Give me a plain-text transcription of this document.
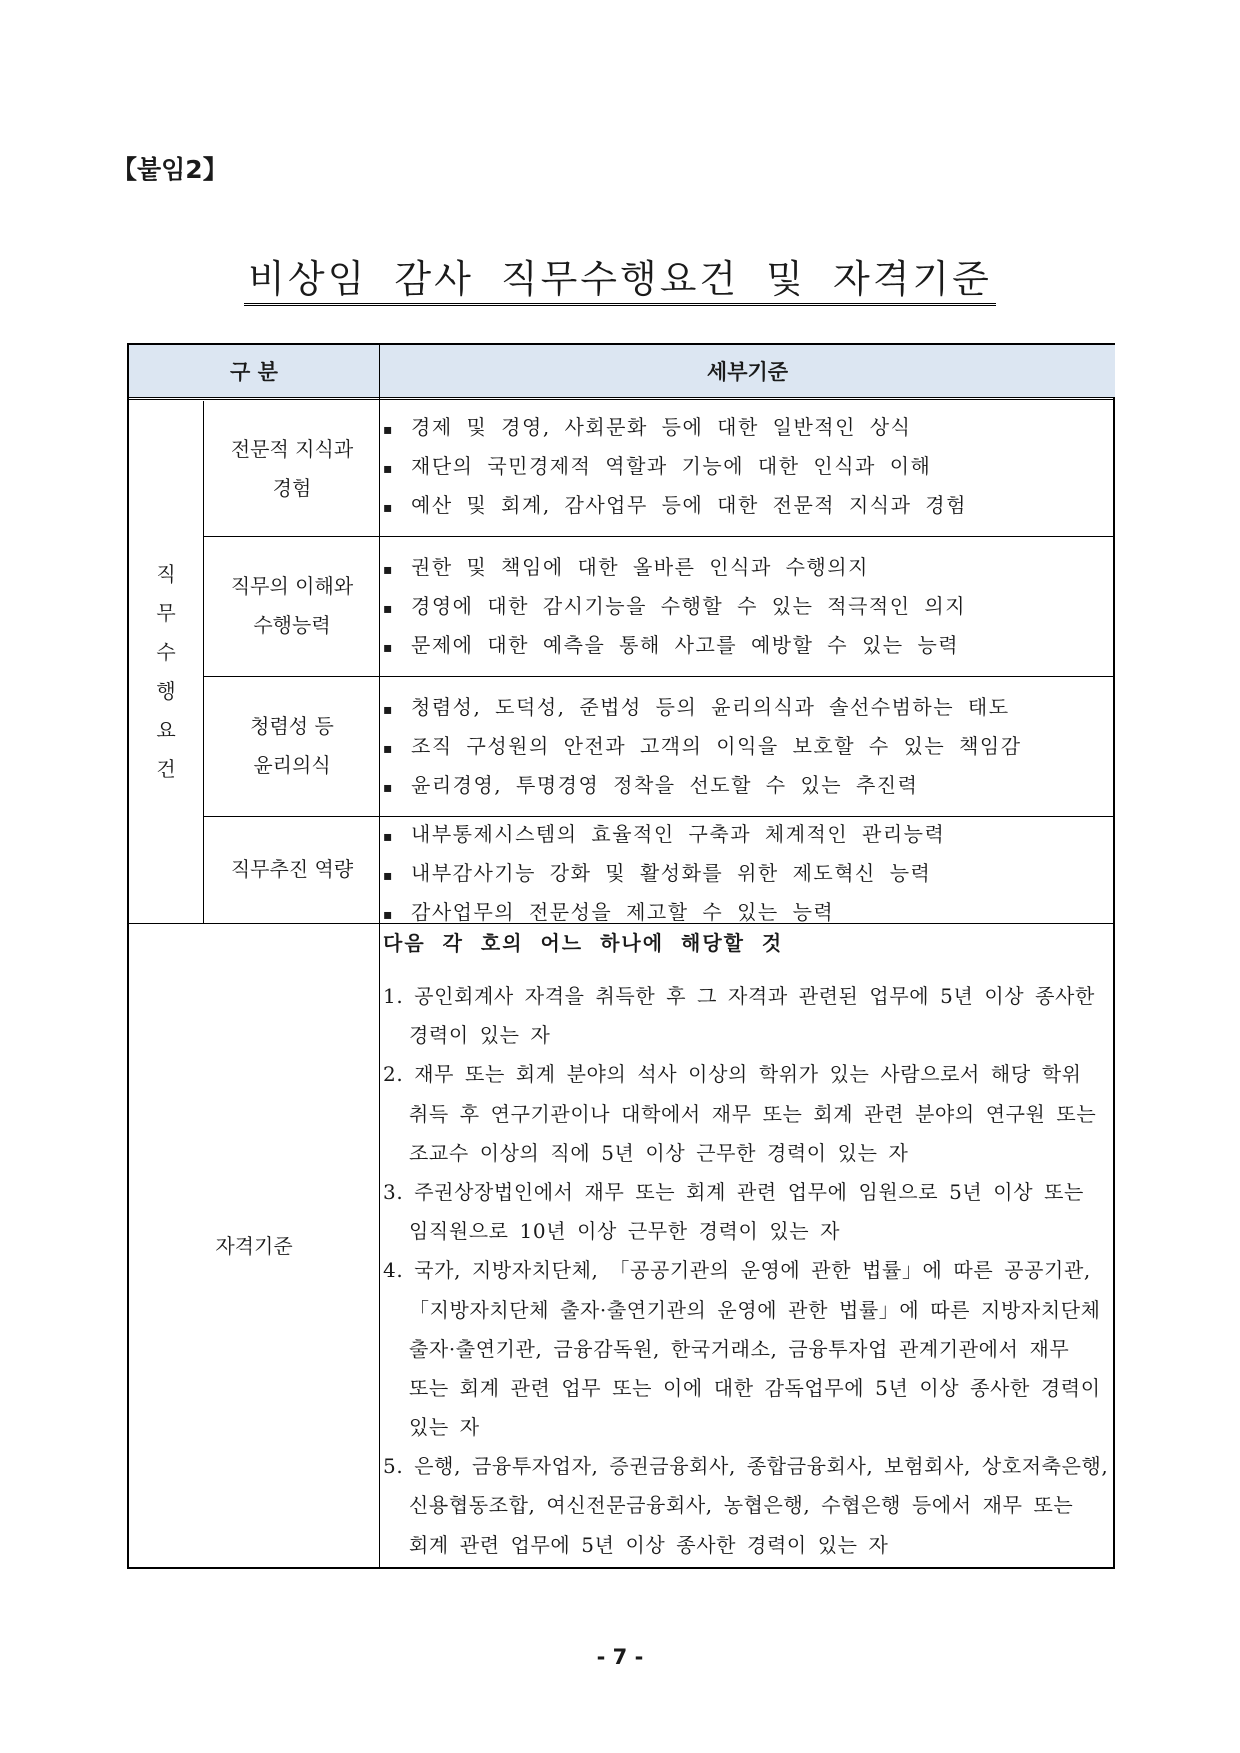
【붙임2】
비상임 감사 직무수행요건 및 자격기준
구 분	세부기준
직
무
수
행
요
건
전문적 지식과
경험
▪ 경제 및 경영, 사회문화 등에 대한 일반적인 상식
▪ 재단의 국민경제적 역할과 기능에 대한 인식과 이해
▪ 예산 및 회계, 감사업무 등에 대한 전문적 지식과 경험
직무의 이해와
수행능력
▪ 권한 및 책임에 대한 올바른 인식과 수행의지
▪ 경영에 대한 감시기능을 수행할 수 있는 적극적인 의지
▪ 문제에 대한 예측을 통해 사고를 예방할 수 있는 능력
청렴성 등
윤리의식
▪ 청렴성, 도덕성, 준법성 등의 윤리의식과 솔선수범하는 태도
▪ 조직 구성원의 안전과 고객의 이익을 보호할 수 있는 책임감
▪ 윤리경영, 투명경영 정착을 선도할 수 있는 추진력
직무추진 역량
▪ 내부통제시스템의 효율적인 구축과 체계적인 관리능력
▪ 내부감사기능 강화 및 활성화를 위한 제도혁신 능력
▪ 감사업무의 전문성을 제고할 수 있는 능력
자격기준
다음 각 호의 어느 하나에 해당할 것
1. 공인회계사 자격을 취득한 후 그 자격과 관련된 업무에 5년 이상 종사한
경력이 있는 자
2. 재무 또는 회계 분야의 석사 이상의 학위가 있는 사람으로서 해당 학위
취득 후 연구기관이나 대학에서 재무 또는 회계 관련 분야의 연구원 또는
조교수 이상의 직에 5년 이상 근무한 경력이 있는 자
3. 주권상장법인에서 재무 또는 회계 관련 업무에 임원으로 5년 이상 또는
임직원으로 10년 이상 근무한 경력이 있는 자
4. 국가, 지방자치단체, 「공공기관의 운영에 관한 법률」에 따른 공공기관,
「지방자치단체 출자·출연기관의 운영에 관한 법률」에 따른 지방자치단체
출자·출연기관, 금융감독원, 한국거래소, 금융투자업 관계기관에서 재무
또는 회계 관련 업무 또는 이에 대한 감독업무에 5년 이상 종사한 경력이
있는 자
5. 은행, 금융투자업자, 증권금융회사, 종합금융회사, 보험회사, 상호저축은행,
신용협동조합, 여신전문금융회사, 농협은행, 수협은행 등에서 재무 또는
회계 관련 업무에 5년 이상 종사한 경력이 있는 자
- 7 -
